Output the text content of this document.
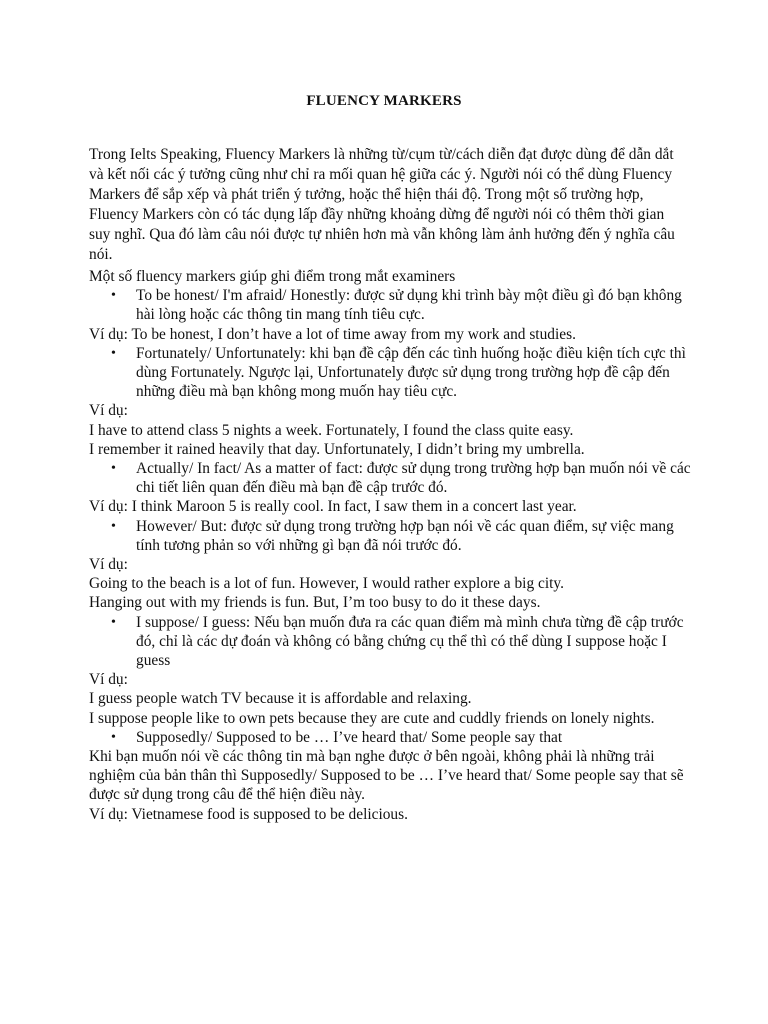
FLUENCY MARKERS

Trong Ielts Speaking, Fluency Markers là những từ/cụm từ/cách diễn đạt được dùng để dẫn dắt và kết nối các ý tưởng cũng như chỉ ra mối quan hệ giữa các ý. Người nói có thể dùng Fluency Markers để sắp xếp và phát triển ý tưởng, hoặc thể hiện thái độ. Trong một số trường hợp, Fluency Markers còn có tác dụng lấp đầy những khoảng dừng để người nói có thêm thời gian suy nghĩ. Qua đó làm câu nói được tự nhiên hơn mà vẫn không làm ảnh hưởng đến ý nghĩa câu nói.

Một số fluency markers giúp ghi điểm trong mắt examiners

• To be honest/ I'm afraid/ Honestly: được sử dụng khi trình bày một điều gì đó bạn không hài lòng hoặc các thông tin mang tính tiêu cực.

Ví dụ: To be honest, I don’t have a lot of time away from my work and studies.

• Fortunately/ Unfortunately: khi bạn đề cập đến các tình huống hoặc điều kiện tích cực thì dùng Fortunately. Ngược lại, Unfortunately được sử dụng trong trường hợp đề cập đến những điều mà bạn không mong muốn hay tiêu cực.

Ví dụ:

I have to attend class 5 nights a week. Fortunately, I found the class quite easy.

I remember it rained heavily that day. Unfortunately, I didn’t bring my umbrella.

• Actually/ In fact/ As a matter of fact: được sử dụng trong trường hợp bạn muốn nói về các chi tiết liên quan đến điều mà bạn đề cập trước đó.

Ví dụ: I think Maroon 5 is really cool. In fact, I saw them in a concert last year.

• However/ But: được sử dụng trong trường hợp bạn nói về các quan điểm, sự việc mang tính tương phản so với những gì bạn đã nói trước đó.

Ví dụ:

Going to the beach is a lot of fun. However, I would rather explore a big city.

Hanging out with my friends is fun. But, I’m too busy to do it these days.

• I suppose/ I guess: Nếu bạn muốn đưa ra các quan điểm mà mình chưa từng đề cập trước đó, chỉ là các dự đoán và không có bằng chứng cụ thể thì có thể dùng I suppose hoặc I guess

Ví dụ:

I guess people watch TV because it is affordable and relaxing.

I suppose people like to own pets because they are cute and cuddly friends on lonely nights.

• Supposedly/ Supposed to be … I’ve heard that/ Some people say that

Khi bạn muốn nói về các thông tin mà bạn nghe được ở bên ngoài, không phải là những trải nghiệm của bản thân thì Supposedly/ Supposed to be … I’ve heard that/ Some people say that sẽ được sử dụng trong câu để thể hiện điều này.

Ví dụ: Vietnamese food is supposed to be delicious.
